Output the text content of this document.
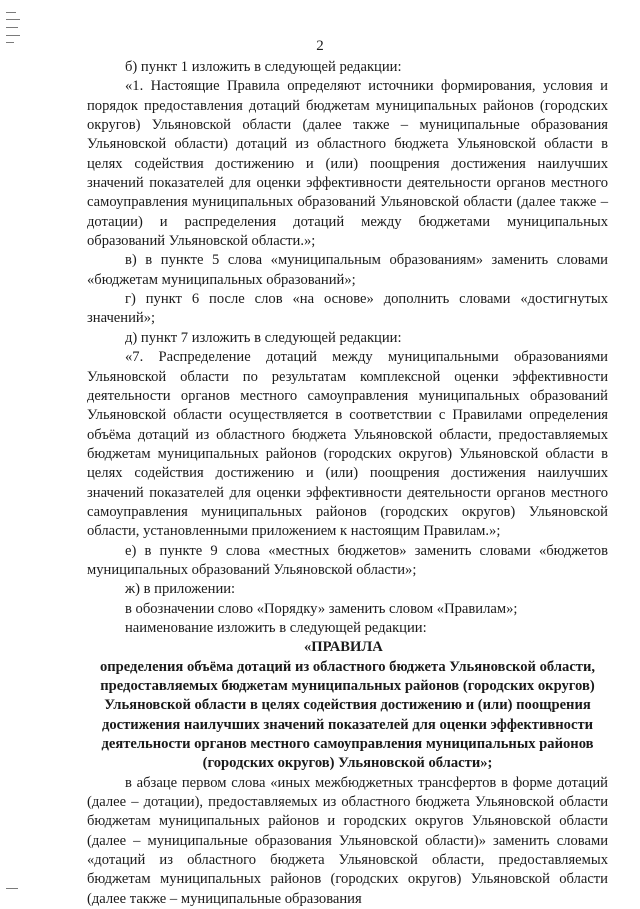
2

б) пункт 1 изложить в следующей редакции:

«1. Настоящие Правила определяют источники формирования, условия и порядок предоставления дотаций бюджетам муниципальных районов (городских округов) Ульяновской области (далее также – муниципальные образования Ульяновской области) дотаций из областного бюджета Ульяновской области в целях содействия достижению и (или) поощрения достижения наилучших значений показателей для оценки эффективности деятельности органов местного самоуправления муниципальных образований Ульяновской области (далее также – дотации) и распределения дотаций между бюджетами муниципальных образований Ульяновской области.»;

в) в пункте 5 слова «муниципальным образованиям» заменить словами «бюджетам муниципальных образований»;

г) пункт 6 после слов «на основе» дополнить словами «достигнутых значений»;

д) пункт 7 изложить в следующей редакции:

«7. Распределение дотаций между муниципальными образованиями Ульяновской области по результатам комплексной оценки эффективности деятельности органов местного самоуправления муниципальных образований Ульяновской области осуществляется в соответствии с Правилами определения объёма дотаций из областного бюджета Ульяновской области, предоставляемых бюджетам муниципальных районов (городских округов) Ульяновской области в целях содействия достижению и (или) поощрения достижения наилучших значений показателей для оценки эффективности деятельности органов местного самоуправления муниципальных районов (городских округов) Ульяновской области, установленными приложением к настоящим Правилам.»;

е) в пункте 9 слова «местных бюджетов» заменить словами «бюджетов муниципальных образований Ульяновской области»;

ж) в приложении:

в обозначении слово «Порядку» заменить словом «Правилам»;

наименование изложить в следующей редакции:

«ПРАВИЛА

определения объёма дотаций из областного бюджета Ульяновской области, предоставляемых бюджетам муниципальных районов (городских округов) Ульяновской области в целях содействия достижению и (или) поощрения достижения наилучших значений показателей для оценки эффективности деятельности органов местного самоуправления муниципальных районов (городских округов) Ульяновской области»;

в абзаце первом слова «иных межбюджетных трансфертов в форме дотаций (далее – дотации), предоставляемых из областного бюджета Ульяновской области бюджетам муниципальных районов и городских округов Ульяновской области (далее – муниципальные образования Ульяновской области)» заменить словами «дотаций из областного бюджета Ульяновской области, предоставляемых бюджетам муниципальных районов (городских округов) Ульяновской области (далее также – муниципальные образования
